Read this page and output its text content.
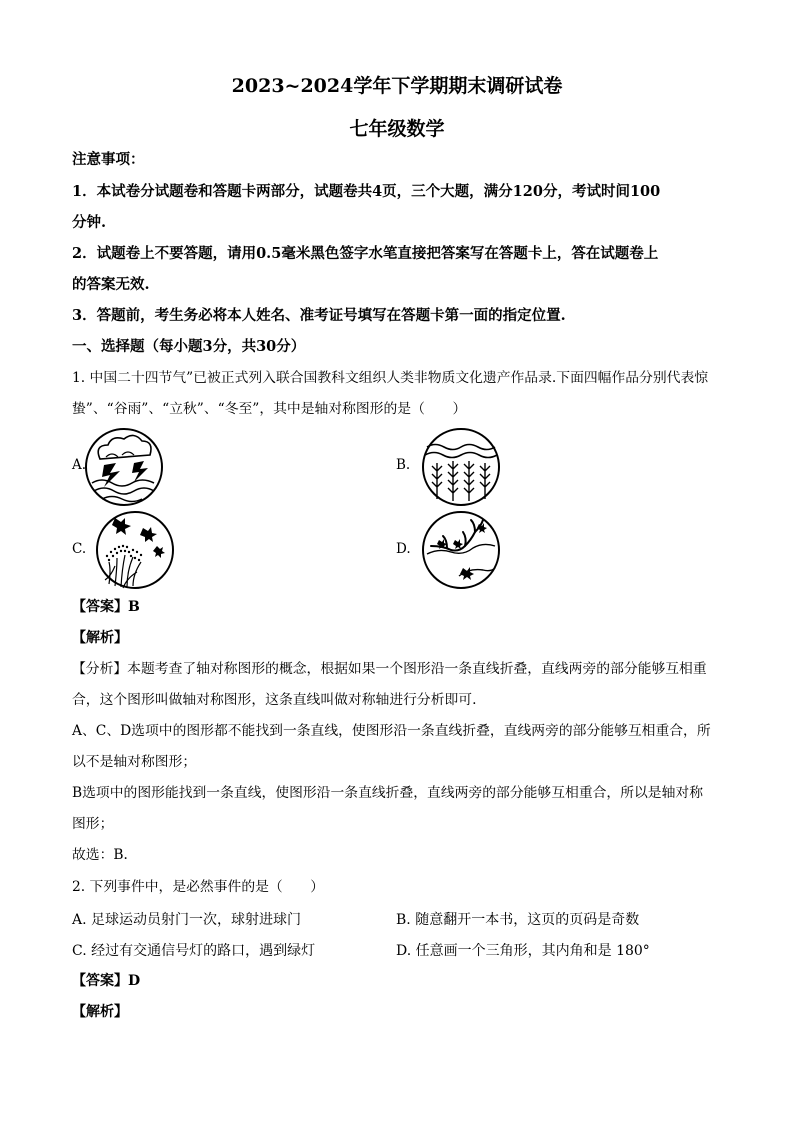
2023~2024学年下学期期末调研试卷
七年级数学
注意事项：
1．本试卷分试题卷和答题卡两部分，试题卷共4页，三个大题，满分120分，考试时间100
分钟.
2．试题卷上不要答题，请用0.5毫米黑色签字水笔直接把答案写在答题卡上，答在试题卷上
的答案无效.
3．答题前，考生务必将本人姓名、准考证号填写在答题卡第一面的指定位置.
一、选择题（每小题3分，共30分）
1. 中国二十四节气”已被正式列入联合国教科文组织人类非物质文化遗产作品录.下面四幅作品分别代表惊
蛰”、“谷雨”、“立秋”、“冬至”，其中是轴对称图形的是（　　）
A.	B.
C.	D.
【答案】B
【解析】
【分析】本题考查了轴对称图形的概念，根据如果一个图形沿一条直线折叠，直线两旁的部分能够互相重
合，这个图形叫做轴对称图形，这条直线叫做对称轴进行分析即可.
A、C、D选项中的图形都不能找到一条直线，使图形沿一条直线折叠，直线两旁的部分能够互相重合，所
以不是轴对称图形；
B选项中的图形能找到一条直线，使图形沿一条直线折叠，直线两旁的部分能够互相重合，所以是轴对称
图形；
故选：B．
2. 下列事件中，是必然事件的是（　　）
A. 足球运动员射门一次，球射进球门	B. 随意翻开一本书，这页的页码是奇数
C. 经过有交通信号灯的路口，遇到绿灯	D. 任意画一个三角形，其内角和是 180°
【答案】D
【解析】
